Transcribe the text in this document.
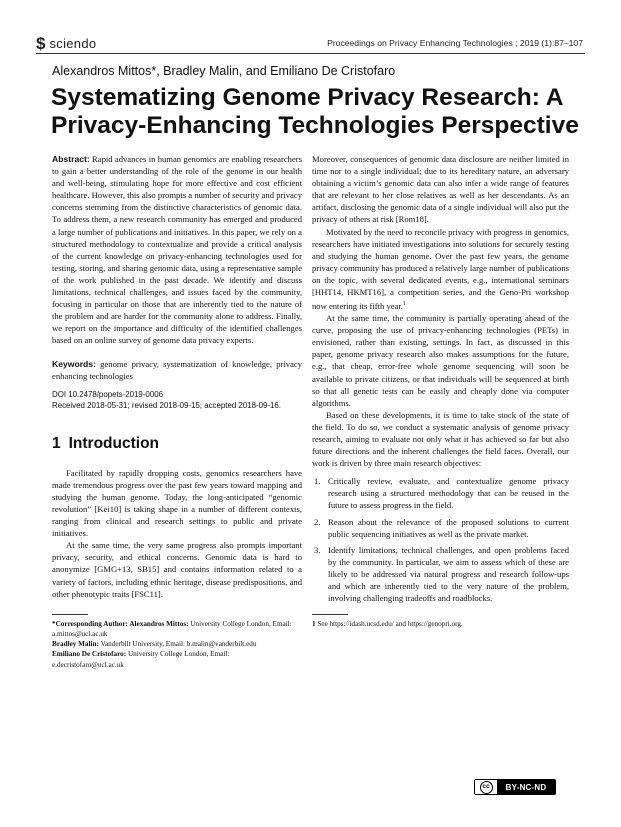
$ sciendo	Proceedings on Privacy Enhancing Technologies ; 2019 (1):87–107
Alexandros Mittos*, Bradley Malin, and Emiliano De Cristofaro
Systematizing Genome Privacy Research: A Privacy-Enhancing Technologies Perspective

Abstract: Rapid advances in human genomics are enabling researchers to gain a better understanding of the role of the genome in our health and well-being, stimulating hope for more effective and cost efficient healthcare. However, this also prompts a number of security and privacy concerns stemming from the distinctive characteristics of genomic data. To address them, a new research community has emerged and produced a large number of publications and initiatives. In this paper, we rely on a structured methodology to contextualize and provide a critical analysis of the current knowledge on privacy-enhancing technologies used for testing, storing, and sharing genomic data, using a representative sample of the work published in the past decade. We identify and discuss limitations, technical challenges, and issues faced by the community, focusing in particular on those that are inherently tied to the nature of the problem and are harder for the community alone to address. Finally, we report on the importance and difficulty of the identified challenges based on an online survey of genome data privacy experts.

Keywords: genome privacy, systematization of knowledge, privacy enhancing technologies

DOI 10.2478/popets-2019-0006

Received 2018-05-31; revised 2018-09-15; accepted 2018-09-16.

1 Introduction

Facilitated by rapidly dropping costs, genomics researchers have made tremendous progress over the past few years toward mapping and studying the human genome. Today, the long-anticipated “genomic revolution” [Kei10] is taking shape in a number of different contexts, ranging from clinical and research settings to public and private initiatives.

At the same time, the very same progress also prompts important privacy, security, and ethical concerns. Genomic data is hard to anonymize [GMG+13, SB15] and contains information related to a variety of factors, including ethnic heritage, disease predispositions, and other phenotypic traits [FSC11].

*Corresponding Author: Alexandros Mittos: University College London, Email: a.mittos@ucl.ac.uk

Bradley Malin: Vanderbilt University, Email: b.malin@vanderbilt.edu

Emiliano De Cristofaro: University College London, Email: e.decristofaro@ucl.ac.uk

Moreover, consequences of genomic data disclosure are neither limited in time nor to a single individual; due to its hereditary nature, an adversary obtaining a victim’s genomic data can also infer a wide range of features that are relevant to her close relatives as well as her descendants. As an artifact, disclosing the genomic data of a single individual will also put the privacy of others at risk [Rom18].

Motivated by the need to reconcile privacy with progress in genomics, researchers have initiated investigations into solutions for securely testing and studying the human genome. Over the past few years, the genome privacy community has produced a relatively large number of publications on the topic, with several dedicated events, e.g., international seminars [HHT14, HKMT16], a competition series, and the Geno-Pri workshop now entering its fifth year.$^1$

At the same time, the community is partially operating ahead of the curve, proposing the use of privacy-enhancing technologies (PETs) in envisioned, rather than existing, settings. In fact, as discussed in this paper, genome privacy research also makes assumptions for the future, e.g., that cheap, error-free whole genome sequencing will soon be available to private citizens, or that individuals will be sequenced at birth so that all genetic tests can be easily and cheaply done via computer algorithms.

Based on these developments, it is time to take stock of the state of the field. To do so, we conduct a systematic analysis of genome privacy research, aiming to evaluate not only what it has achieved so far but also future directions and the inherent challenges the field faces. Overall, our work is driven by three main research objectives:

1. Critically review, evaluate, and contextualize genome privacy research using a structured methodology that can be reused in the future to assess progress in the field.
2. Reason about the relevance of the proposed solutions to current public sequencing initiatives as well as the private market.
3. Identify limitations, technical challenges, and open problems faced by the community. In particular, we aim to assess which of these are likely to be addressed via natural progress and research follow-ups and which are inherently tied to the very nature of the problem, involving challenging tradeoffs and roadblocks.

1 See https://idash.ucsd.edu/ and https://genopri.org.

cc	BY-NC-ND
